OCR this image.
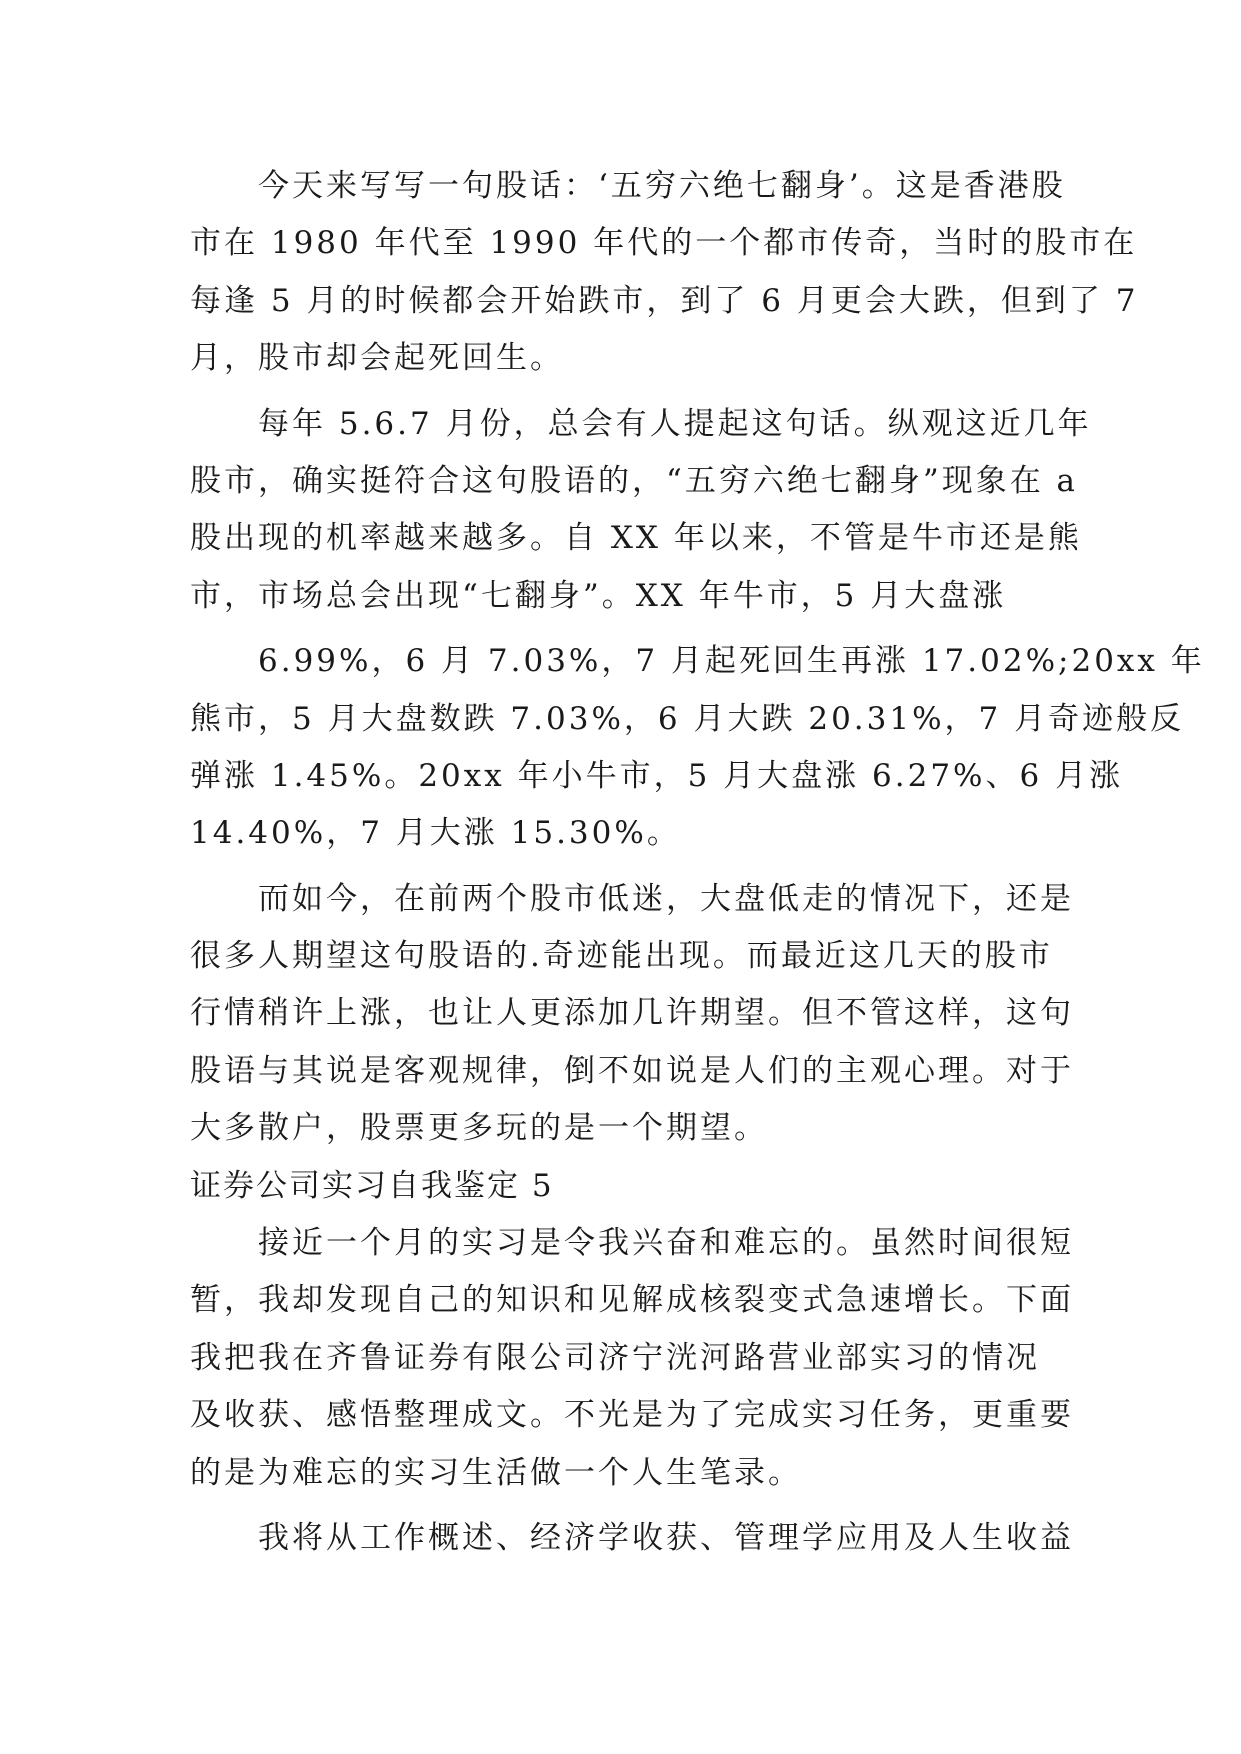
　　今天来写写一句股话：‘五穷六绝七翻身’。这是香港股
市在 1980 年代至 1990 年代的一个都市传奇，当时的股市在
每逢 5 月的时候都会开始跌市，到了 6 月更会大跌，但到了 7
月，股市却会起死回生。
　　每年 5.6.7 月份，总会有人提起这句话。纵观这近几年
股市，确实挺符合这句股语的，“五穷六绝七翻身”现象在 a
股出现的机率越来越多。自 XX 年以来，不管是牛市还是熊
市，市场总会出现“七翻身”。XX 年牛市，5 月大盘涨
　　6.99%，6 月 7.03%，7 月起死回生再涨 17.02%;20xx 年
熊市，5 月大盘数跌 7.03%，6 月大跌 20.31%，7 月奇迹般反
弹涨 1.45%。20xx 年小牛市，5 月大盘涨 6.27%、6 月涨
14.40%，7 月大涨 15.30%。
　　而如今，在前两个股市低迷，大盘低走的情况下，还是
很多人期望这句股语的.奇迹能出现。而最近这几天的股市
行情稍许上涨，也让人更添加几许期望。但不管这样，这句
股语与其说是客观规律，倒不如说是人们的主观心理。对于
大多散户，股票更多玩的是一个期望。
证券公司实习自我鉴定 5
　　接近一个月的实习是令我兴奋和难忘的。虽然时间很短
暂，我却发现自己的知识和见解成核裂变式急速增长。下面
我把我在齐鲁证券有限公司济宁洸河路营业部实习的情况
及收获、感悟整理成文。不光是为了完成实习任务，更重要
的是为难忘的实习生活做一个人生笔录。
　　我将从工作概述、经济学收获、管理学应用及人生收益
